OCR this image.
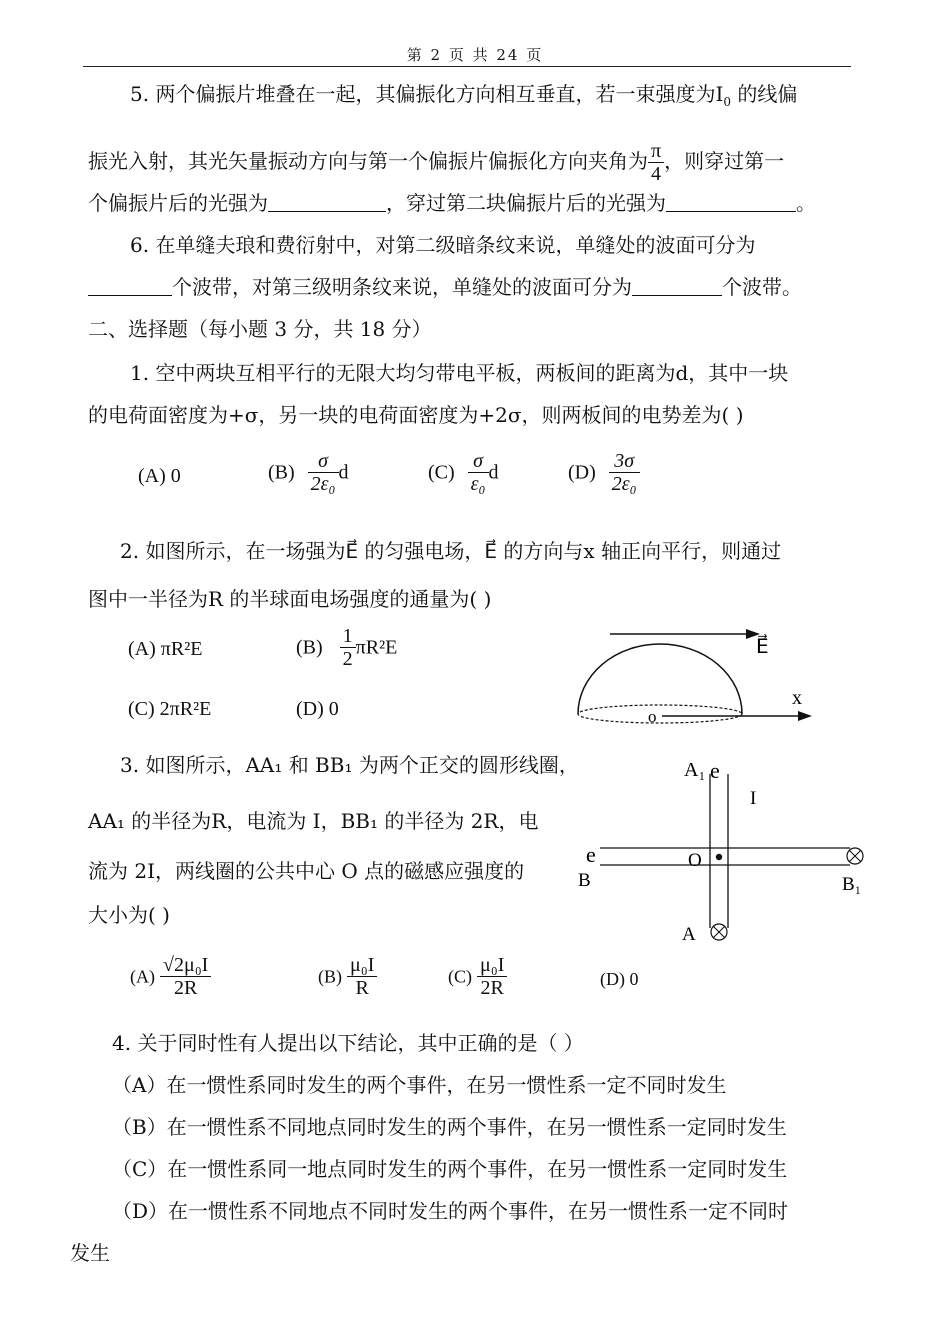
第 2 页 共 24 页
5. 两个偏振片堆叠在一起，其偏振化方向相互垂直，若一束强度为$I_0$ 的线偏
振光入射，其光矢量振动方向与第一个偏振片偏振化方向夹角为 $\frac{\pi}{4}$ ，则穿过第一
个偏振片后的光强为	，穿过第二块偏振片后的光强为	。
6. 在单缝夫琅和费衍射中，对第二级暗条纹来说，单缝处的波面可分为
个波带，对第三级明条纹来说，单缝处的波面可分为	个波带。
二、选择题（每小题 3 分，共 18 分）
1. 空中两块互相平行的无限大均匀带电平板，两板间的距离为d，其中一块
的电荷面密度为+σ，另一块的电荷面密度为+2σ，则两板间的电势差为( )
(A) 0	$(B) \frac{\sigma}{\text{2ε₀}}$ d	$(C) \frac{\sigma}{\text{ε₀}}$ d	$(D) \frac{3\sigma}{\text{2ε₀}}$
2. 如图所示，在一场强为E⃗ 的匀强电场，E⃗ 的方向与x 轴正向平行，则通过
图中一半径为R 的半球面电场强度的通量为( )
(A) πR²E	$(B) \frac{1}{2} \pi R^2E$
(C) 2πR²E	(D) 0
E⃗
x
o
3. 如图所示，AA₁ 和 BB₁ 为两个正交的圆形线圈，
AA₁ 的半径为R，电流为 I，BB₁ 的半径为 2R，电
流为 2I，两线圈的公共中心 O 点的磁感应强度的
大小为( )
A₁ e
I
e	O
B	B₁
A
$(A) \frac{\text{√2μ₀I}}{2R}$	$(B) \frac{\text{μ₀I}}{R}$	$(C) \frac{\text{μ₀I}}{2R}$	(D) 0
4. 关于同时性有人提出以下结论，其中正确的是（ ）
（A）在一惯性系同时发生的两个事件，在另一惯性系一定不同时发生
（B）在一惯性系不同地点同时发生的两个事件，在另一惯性系一定同时发生
（C）在一惯性系同一地点同时发生的两个事件，在另一惯性系一定同时发生
（D）在一惯性系不同地点不同时发生的两个事件，在另一惯性系一定不同时
发生
